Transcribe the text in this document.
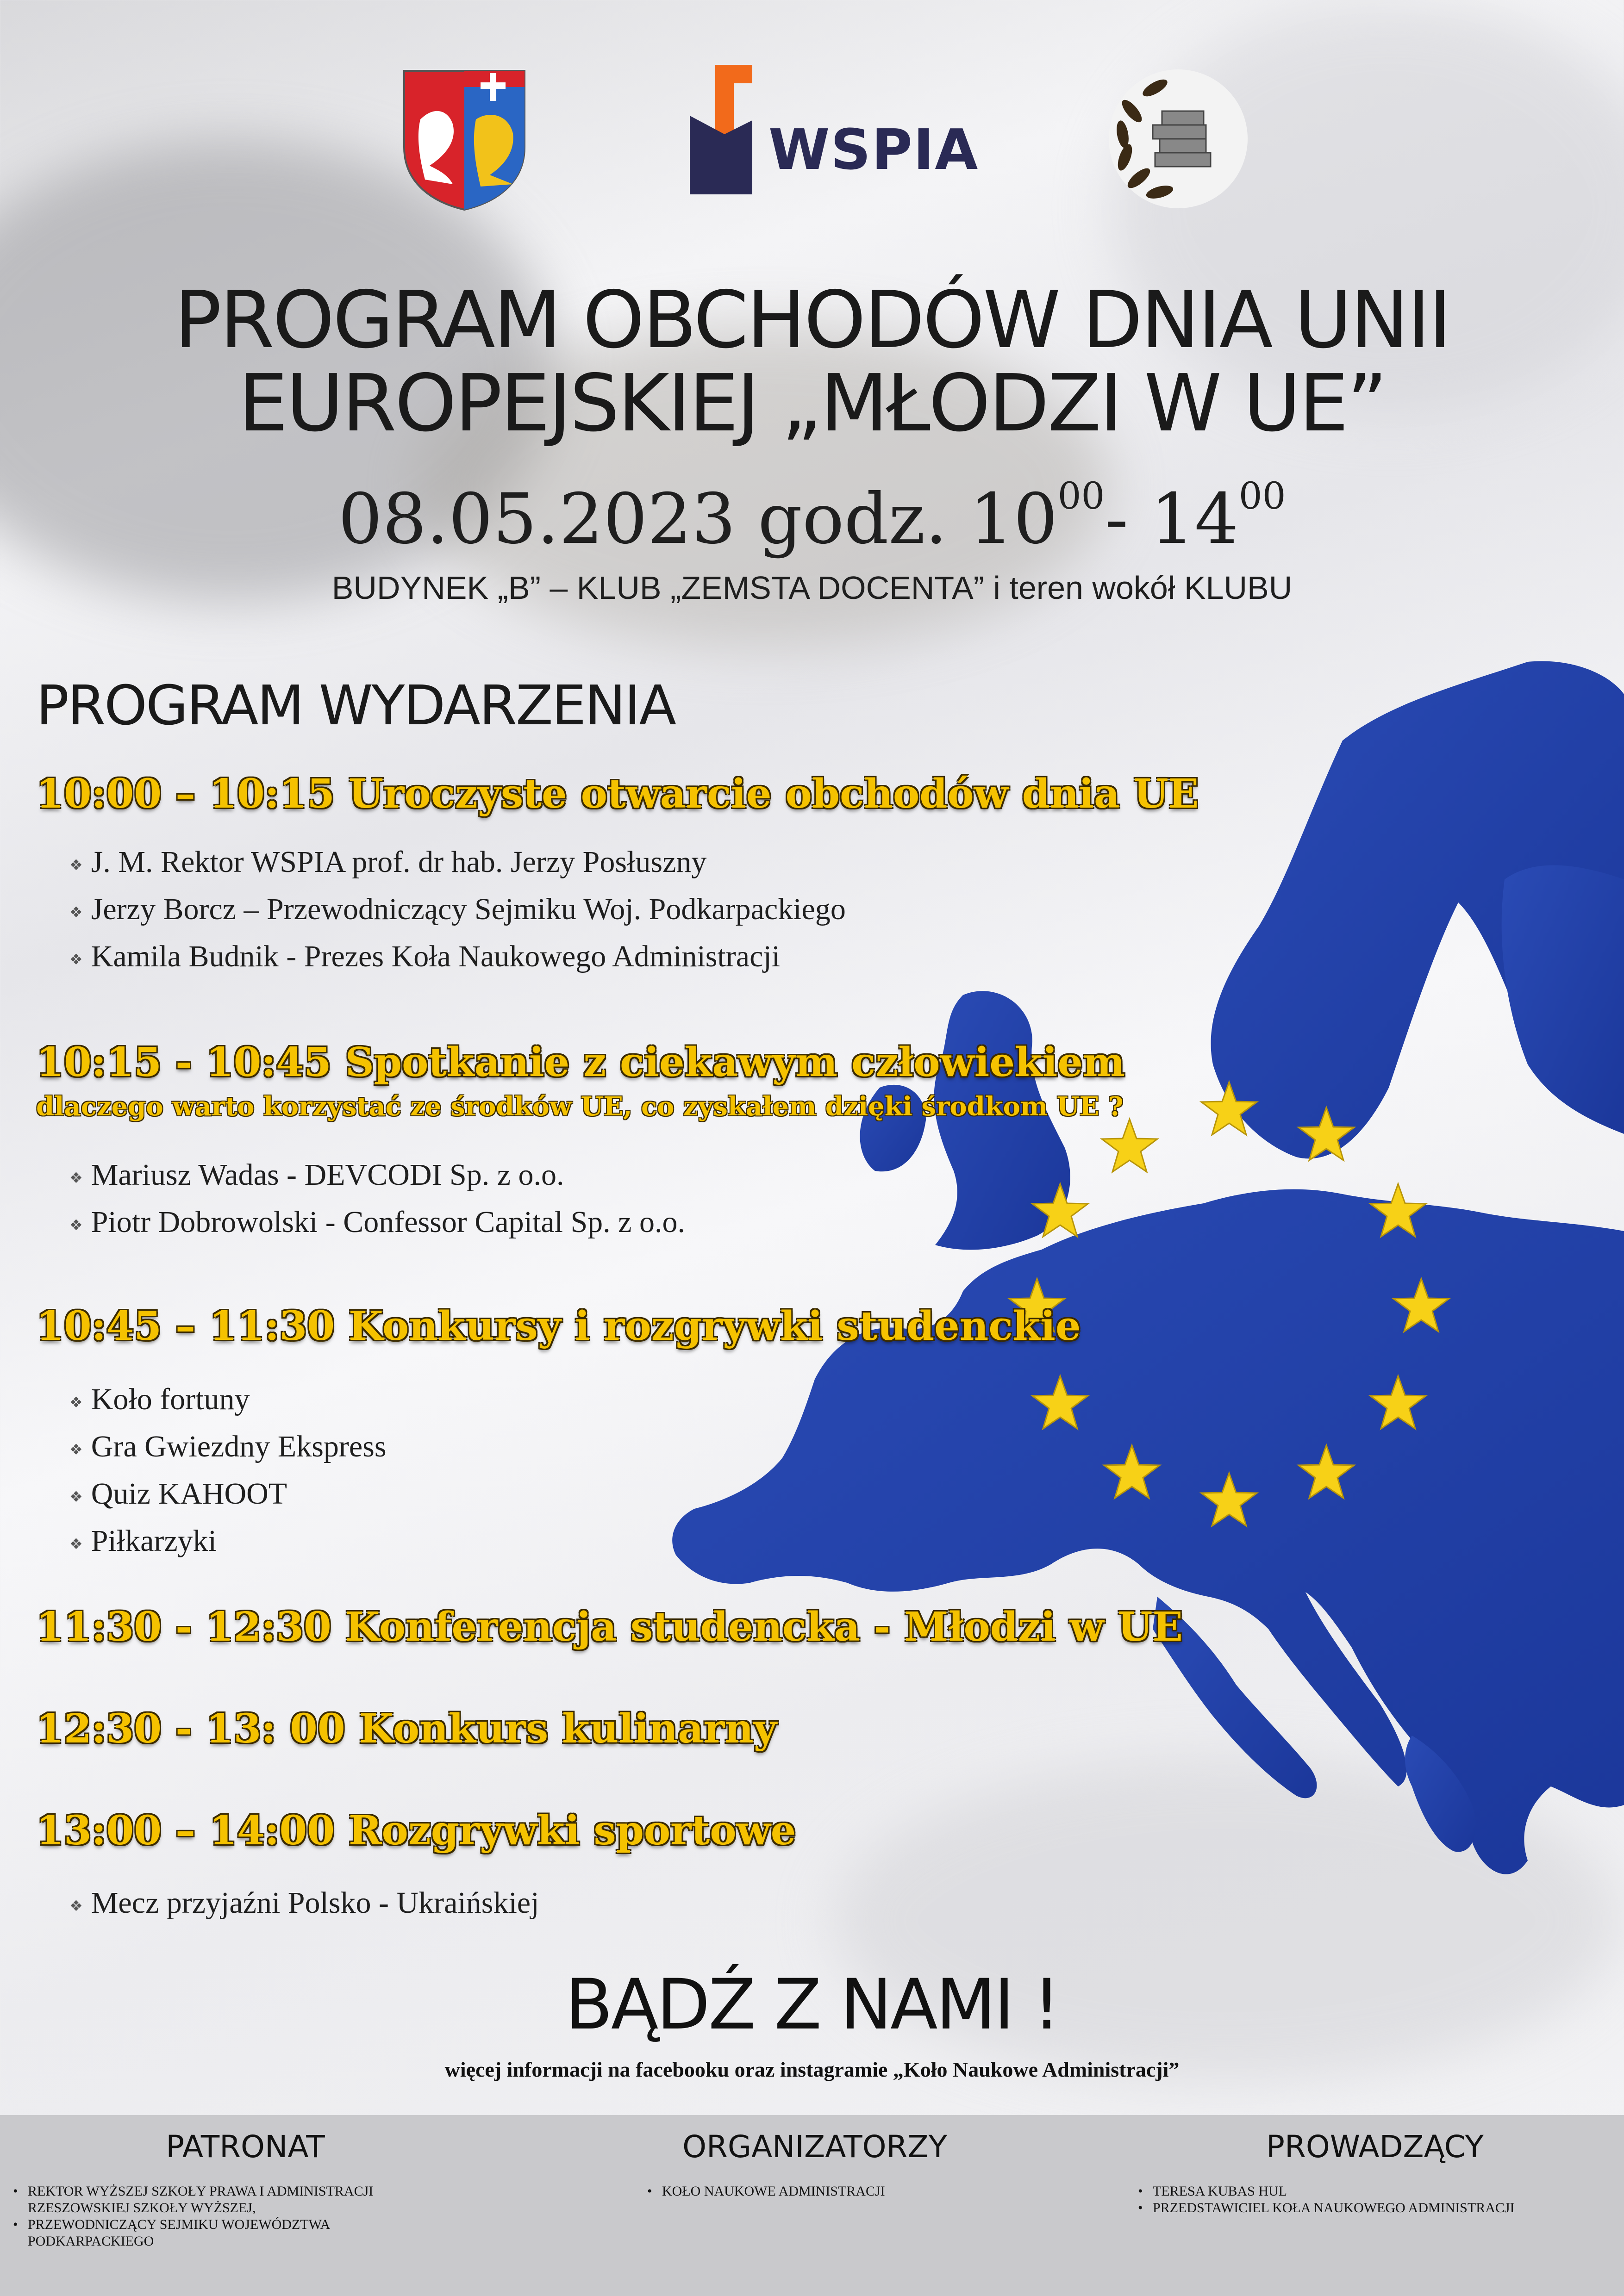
WSPIA
PROGRAM OBCHODÓW DNIA UNII
EUROPEJSKIEJ „MŁODZI W UE”
08.05.2023 godz. $10^{00}-$ $14^{00}$
BUDYNEK „B” – KLUB „ZEMSTA DOCENTA” i teren wokół KLUBU
PROGRAM WYDARZENIA
10:00 – 10:15 Uroczyste otwarcie obchodów dnia UE
❖ J. M. Rektor WSPIA prof. dr hab. Jerzy Posłuszny
❖ Jerzy Borcz – Przewodniczący Sejmiku Woj. Podkarpackiego
❖ Kamila Budnik - Prezes Koła Naukowego Administracji
10:15 - 10:45 Spotkanie z ciekawym człowiekiem
dlaczego warto korzystać ze środków UE, co zyskałem dzięki środkom UE ?
❖ Mariusz Wadas - DEVCODI Sp. z o.o.
❖ Piotr Dobrowolski - Confessor Capital Sp. z o.o.
10:45 – 11:30 Konkursy i rozgrywki studenckie
❖ Koło fortuny
❖ Gra Gwiezdny Ekspress
❖ Quiz KAHOOT
❖ Piłkarzyki
11:30 - 12:30 Konferencja studencka - Młodzi w UE
12:30 - 13: 00 Konkurs kulinarny
13:00 – 14:00 Rozgrywki sportowe
❖ Mecz przyjaźni Polsko - Ukraińskiej
BĄDŹ Z NAMI !
więcej informacji na facebooku oraz instagramie „Koło Naukowe Administracji”
PATRONAT
• REKTOR WYŻSZEJ SZKOŁY PRAWA I ADMINISTRACJI RZESZOWSKIEJ SZKOŁY WYŻSZEJ,
• PRZEWODNICZĄCY SEJMIKU WOJEWÓDZTWA PODKARPACKIEGO
ORGANIZATORZY
• KOŁO NAUKOWE ADMINISTRACJI
PROWADZĄCY
• TERESA KUBAS HUL
• PRZEDSTAWICIEL KOŁA NAUKOWEGO ADMINISTRACJI
